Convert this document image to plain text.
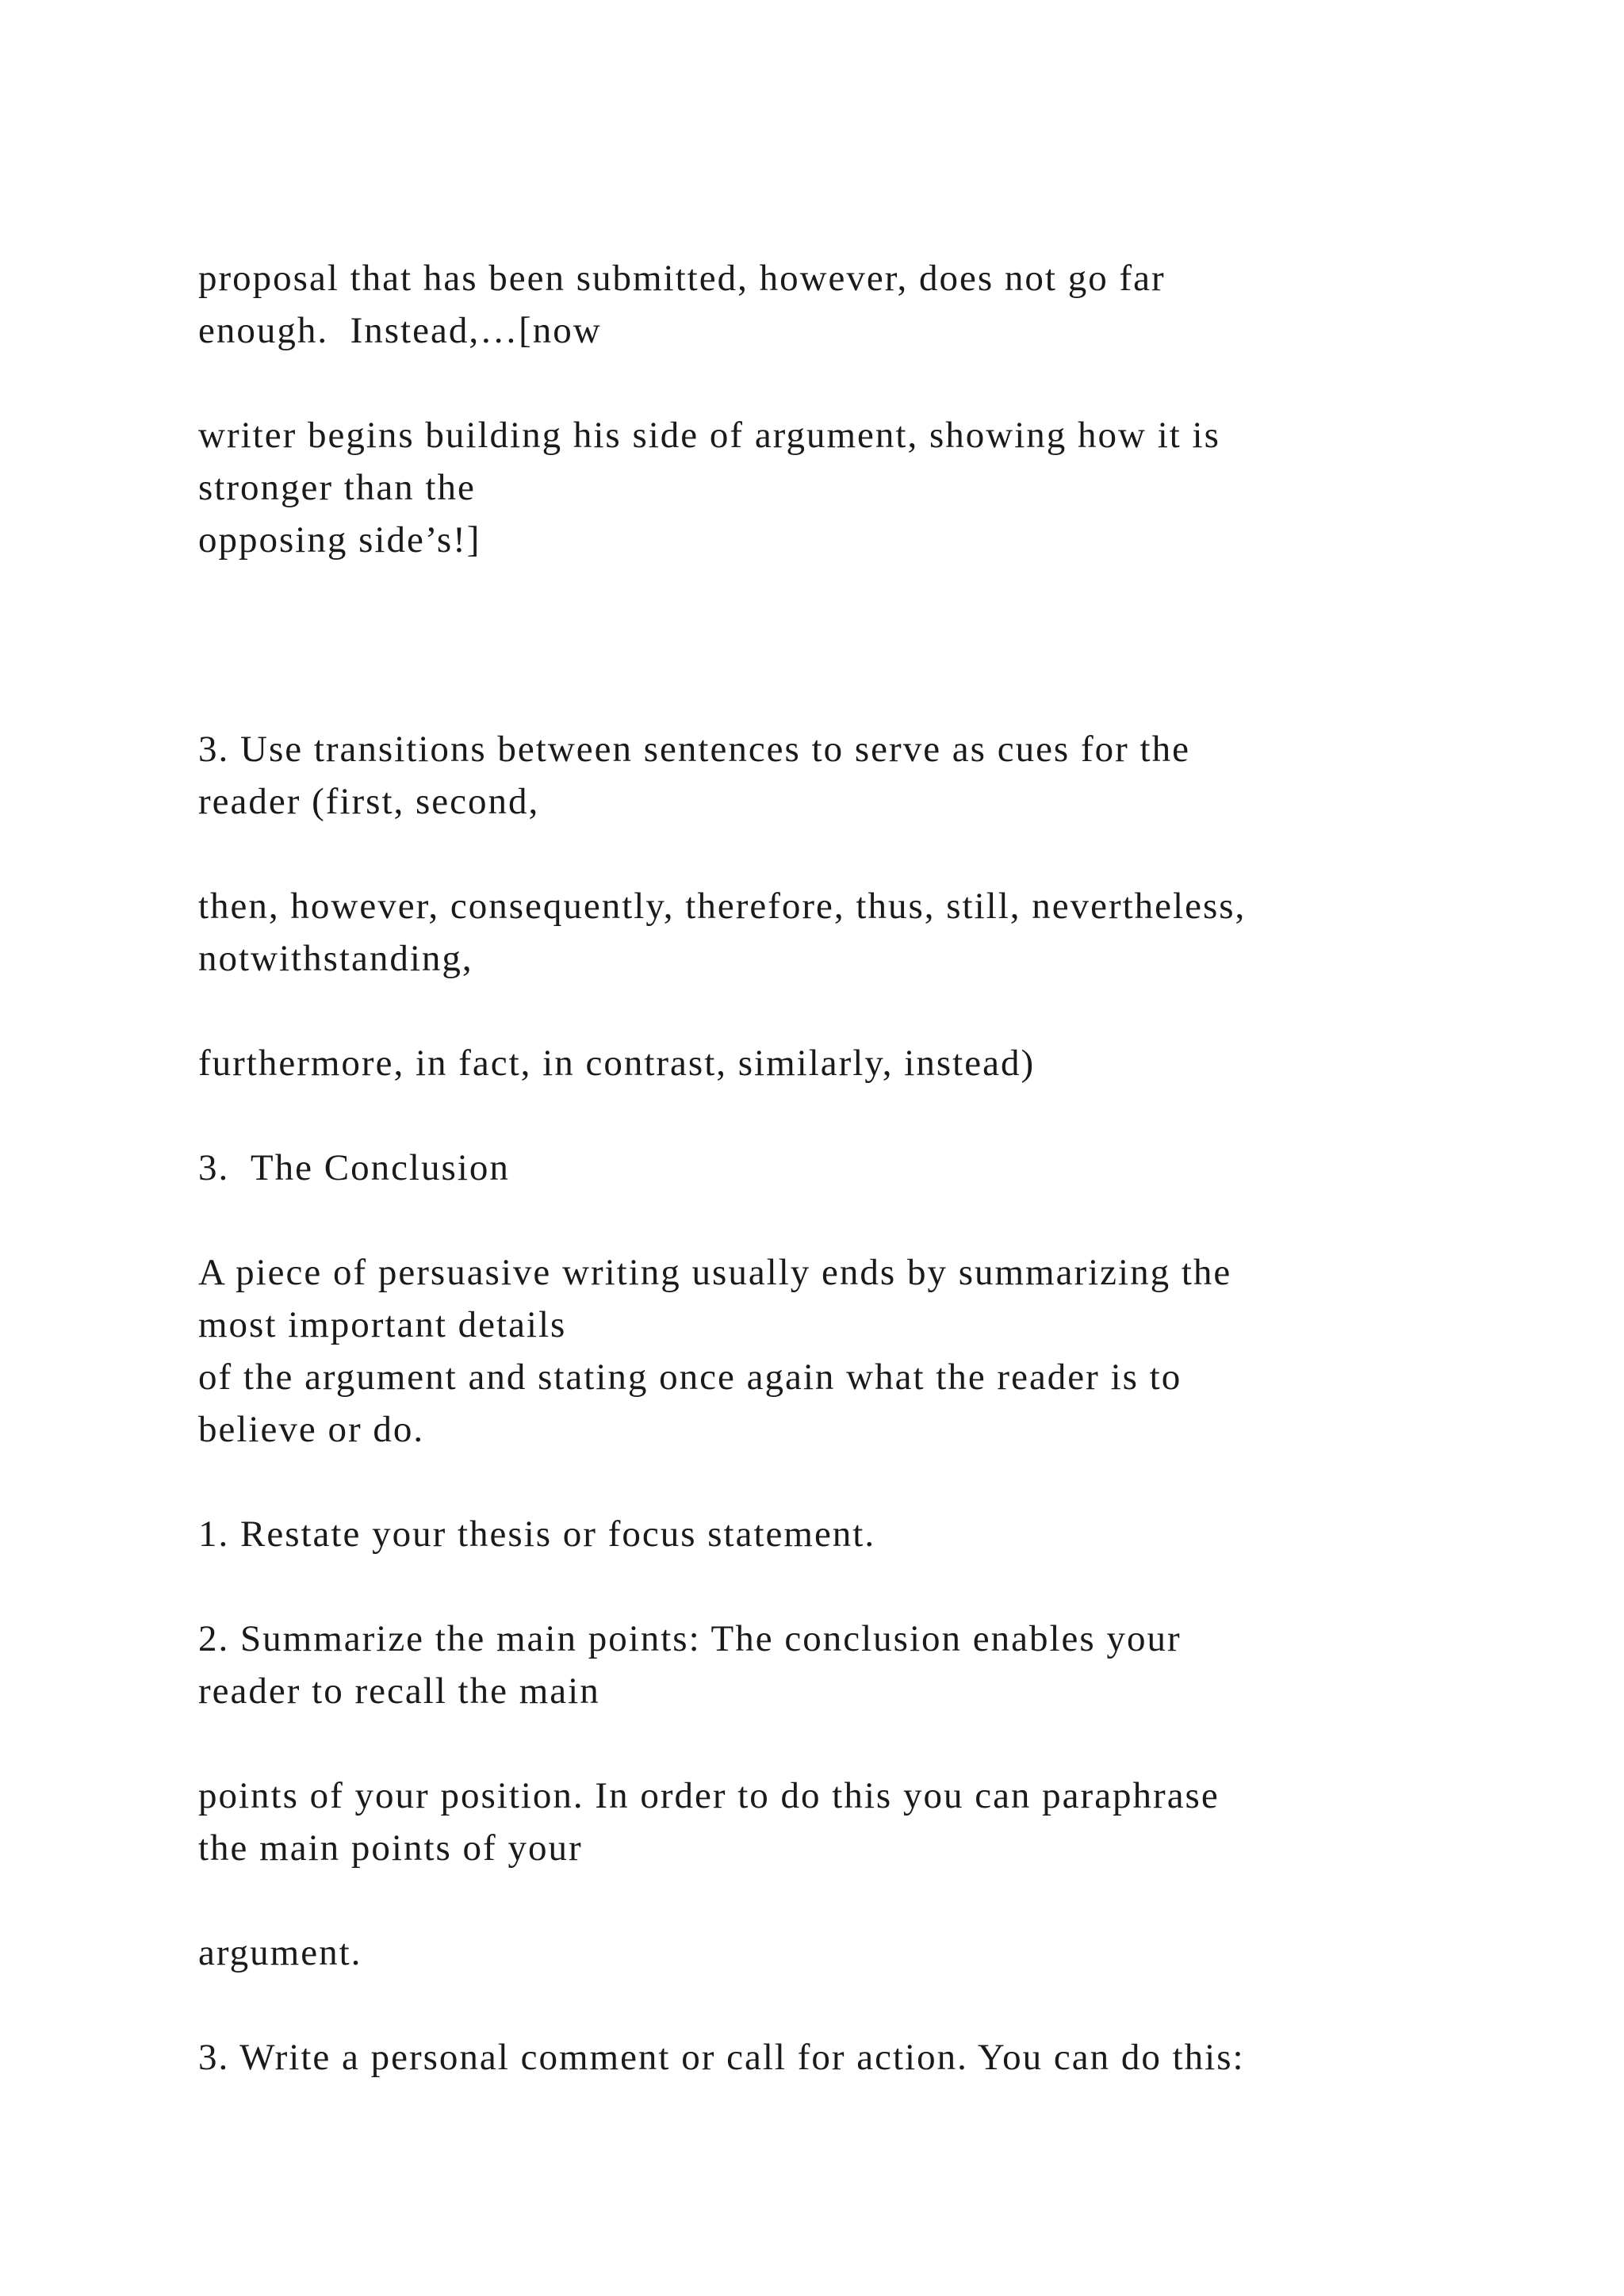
proposal that has been submitted, however, does not go far
enough.  Instead,…[now
writer begins building his side of argument, showing how it is
stronger than the
opposing side’s!]
3. Use transitions between sentences to serve as cues for the
reader (first, second,
then, however, consequently, therefore, thus, still, nevertheless,
notwithstanding,
furthermore, in fact, in contrast, similarly, instead)
3.  The Conclusion
A piece of persuasive writing usually ends by summarizing the
most important details
of the argument and stating once again what the reader is to
believe or do.
1. Restate your thesis or focus statement.
2. Summarize the main points: The conclusion enables your
reader to recall the main
points of your position. In order to do this you can paraphrase
the main points of your
argument.
3. Write a personal comment or call for action. You can do this:
